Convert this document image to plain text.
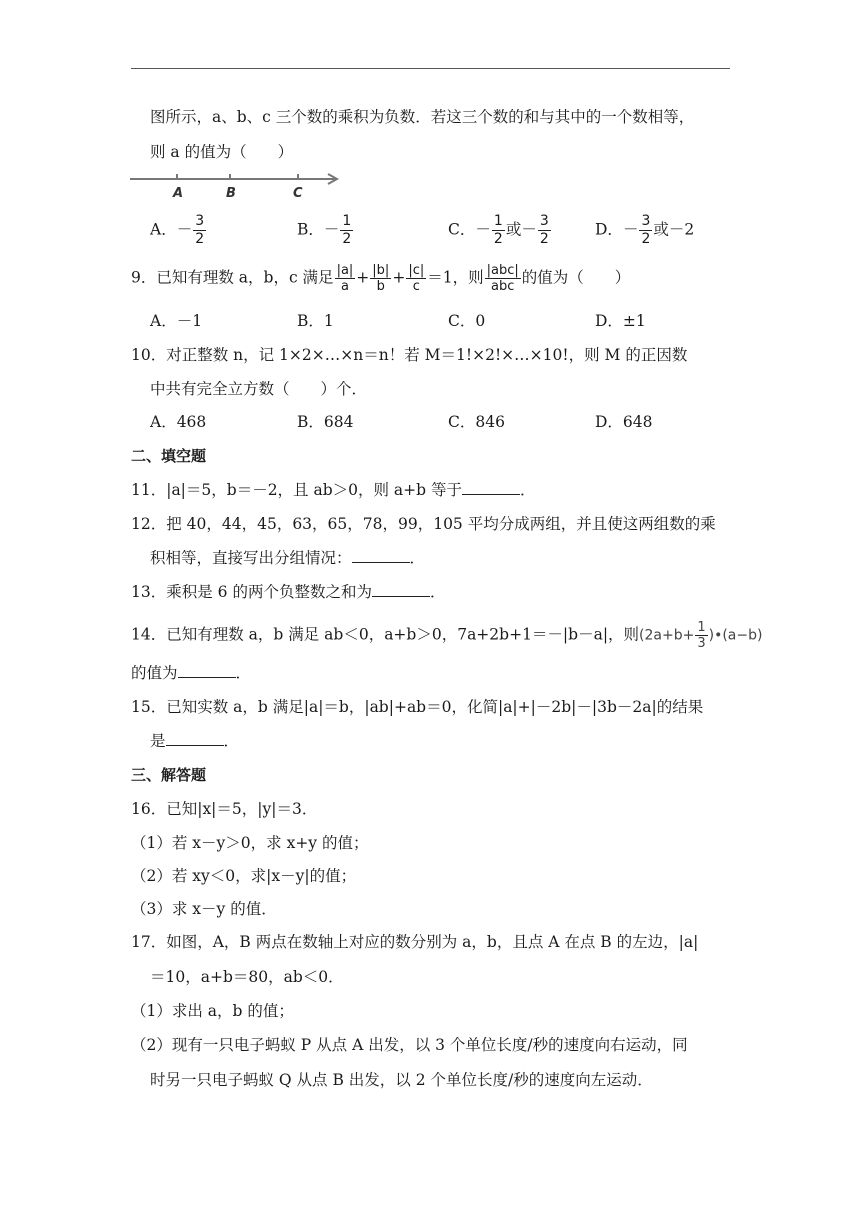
图所示，a、b、c 三个数的乘积为负数．若这三个数的和与其中的一个数相等，
则 a 的值为（　　）
A	B	C
A．－ $\frac{3}{2}$	B．－ $\frac{1}{2}$	C．－ $\frac{1}{2}$ 或－ $\frac{3}{2}$	D．－ $\frac{3}{2}$ 或－2
9．已知有理数 a，b，c 满足 $\frac{|a|}{a} + \frac{|b|}{b} + \frac{|c|}{c} =1$，则 |abc|
abc 的值为（　　）
A．－1	B．1	C．0	D．±1
10．对正整数 n，记 1×2×…×n＝n！若 M＝1!×2!×…×10!，则 M 的正因数
中共有完全立方数（　　）个．
A．468	B．684	C．846	D．648
二、填空题
11．|a|＝5，b＝－2，且 ab＞0，则 a+b 等于	．
12．把 40，44，45，63，65，78，99，105 平均分成两组，并且使这两组数的乘
积相等，直接写出分组情况：	．
13．乘积是 6 的两个负整数之和为	．
14．已知有理数 a，b 满足 ab＜0，a+b＞0，7a+2b+1＝－|b－a|，则($2a+b+ \frac{1}{3}$ )•(a−b)
的值为	．
15．已知实数 a，b 满足|a|＝b，|ab|+ab＝0，化简|a|+|－2b|－|3b－2a|的结果
是	．
三、解答题
16．已知|x|＝5，|y|＝3．
（1）若 x－y＞0，求 x+y 的值；
（2）若 xy＜0，求|x－y|的值；
（3）求 x－y 的值．
17．如图，A，B 两点在数轴上对应的数分别为 a，b，且点 A 在点 B 的左边，|a|
＝10，a+b＝80，ab＜0．
（1）求出 a，b 的值；
（2）现有一只电子蚂蚁 P 从点 A 出发，以 3 个单位长度/秒的速度向右运动，同
时另一只电子蚂蚁 Q 从点 B 出发，以 2 个单位长度/秒的速度向左运动．
